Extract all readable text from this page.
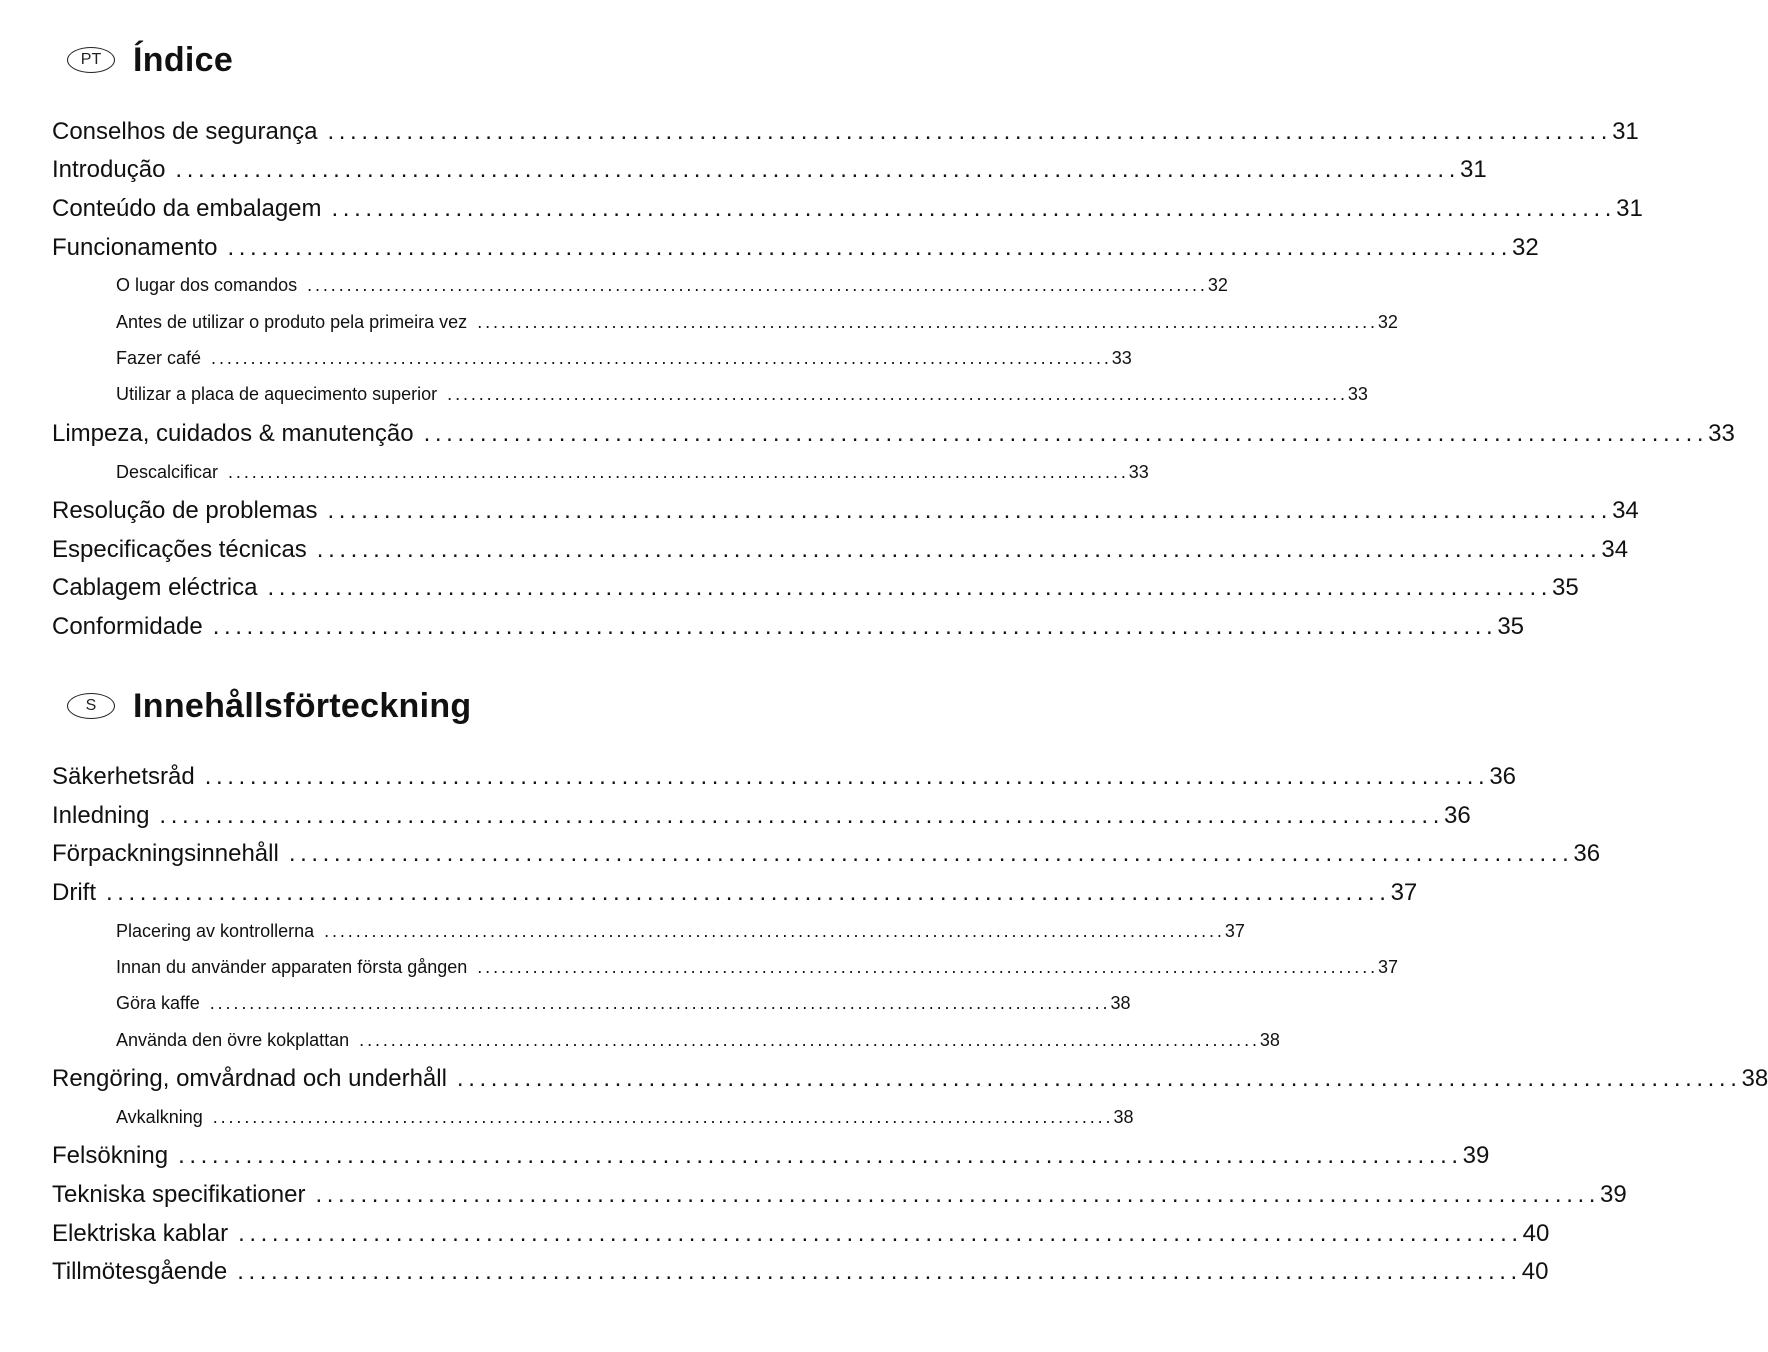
PT Índice
Conselhos de segurança .................................................................................................................. 31
Introdução .................................................................................................................. 31
Conteúdo da embalagem .................................................................................................................. 31
Funcionamento .................................................................................................................. 32
O lugar dos comandos .................................................................................................................. 32
Antes de utilizar o produto pela primeira vez .................................................................................................................. 32
Fazer café .................................................................................................................. 33
Utilizar a placa de aquecimento superior .................................................................................................................. 33
Limpeza, cuidados & manutenção .................................................................................................................. 33
Descalcificar .................................................................................................................. 33
Resolução de problemas .................................................................................................................. 34
Especificações técnicas .................................................................................................................. 34
Cablagem eléctrica .................................................................................................................. 35
Conformidade .................................................................................................................. 35
S	Innehållsförteckning
Säkerhetsråd .................................................................................................................. 36
Inledning .................................................................................................................. 36
Förpackningsinnehåll .................................................................................................................. 36
Drift .................................................................................................................. 37
Placering av kontrollerna .................................................................................................................. 37
Innan du använder apparaten första gången .................................................................................................................. 37
Göra kaffe .................................................................................................................. 38
Använda den övre kokplattan .................................................................................................................. 38
Rengöring, omvårdnad och underhåll .................................................................................................................. 38
Avkalkning .................................................................................................................. 38
Felsökning .................................................................................................................. 39
Tekniska specifikationer .................................................................................................................. 39
Elektriska kablar .................................................................................................................. 40
Tillmötesgående .................................................................................................................. 40
